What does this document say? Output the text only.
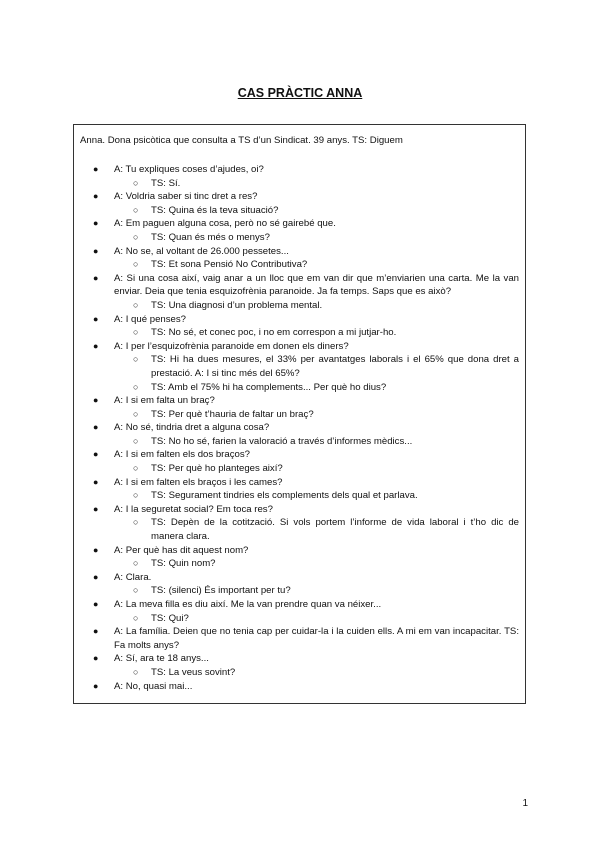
CAS PRÀCTIC ANNA
Anna. Dona psicòtica que consulta a TS d’un Sindicat. 39 anys. TS: Diguem
● A: Tu expliques coses d’ajudes, oi?
○ TS: Sí.
● A: Voldria saber si tinc dret a res?
○ TS: Quina és la teva situació?
● A: Em paguen alguna cosa, però no sé gairebé que.
○ TS: Quan és més o menys?
● A: No se, al voltant de 26.000 pessetes...
○ TS: Et sona Pensió No Contributiva?
● A: Si una cosa així, vaig anar a un lloc que em van dir que m’enviarien una carta. Me la van enviar. Deia que tenia esquizofrènia paranoide. Ja fa temps. Saps que es això?
○ TS: Una diagnosi d’un problema mental.
● A: I qué penses?
○ TS: No sé, et conec poc, i no em correspon a mi jutjar-ho.
● A: I per l’esquizofrènia paranoide em donen els diners?
○ TS: Hi ha dues mesures, el 33% per avantatges laborals i el 65% que dona dret a prestació. A: I si tinc més del 65%?
○ TS: Amb el 75% hi ha complements... Per què ho dius?
● A: I si em falta un braç?
○ TS: Per què t’hauria de faltar un braç?
● A: No sé, tindria dret a alguna cosa?
○ TS: No ho sé, farien la valoració a través d’informes mèdics...
● A: I si em falten els dos braços?
○ TS: Per què ho planteges així?
● A: I si em falten els braços i les cames?
○ TS: Segurament tindries els complements dels qual et parlava.
● A: I la seguretat social? Em toca res?
○ TS: Depèn de la cotització. Si vols portem l’informe de vida laboral i t’ho dic de manera clara.
● A: Per què has dit aquest nom?
○ TS: Quin nom?
● A: Clara.
○ TS: (silenci) És important per tu?
● A: La meva filla es diu així. Me la van prendre quan va néixer...
○ TS: Qui?
● A: La família. Deien que no tenia cap per cuidar-la i la cuiden ells. A mi em van incapacitar. TS: Fa molts anys?
● A: Sí, ara te 18 anys...
○ TS: La veus sovint?
● A: No, quasi mai...
1
